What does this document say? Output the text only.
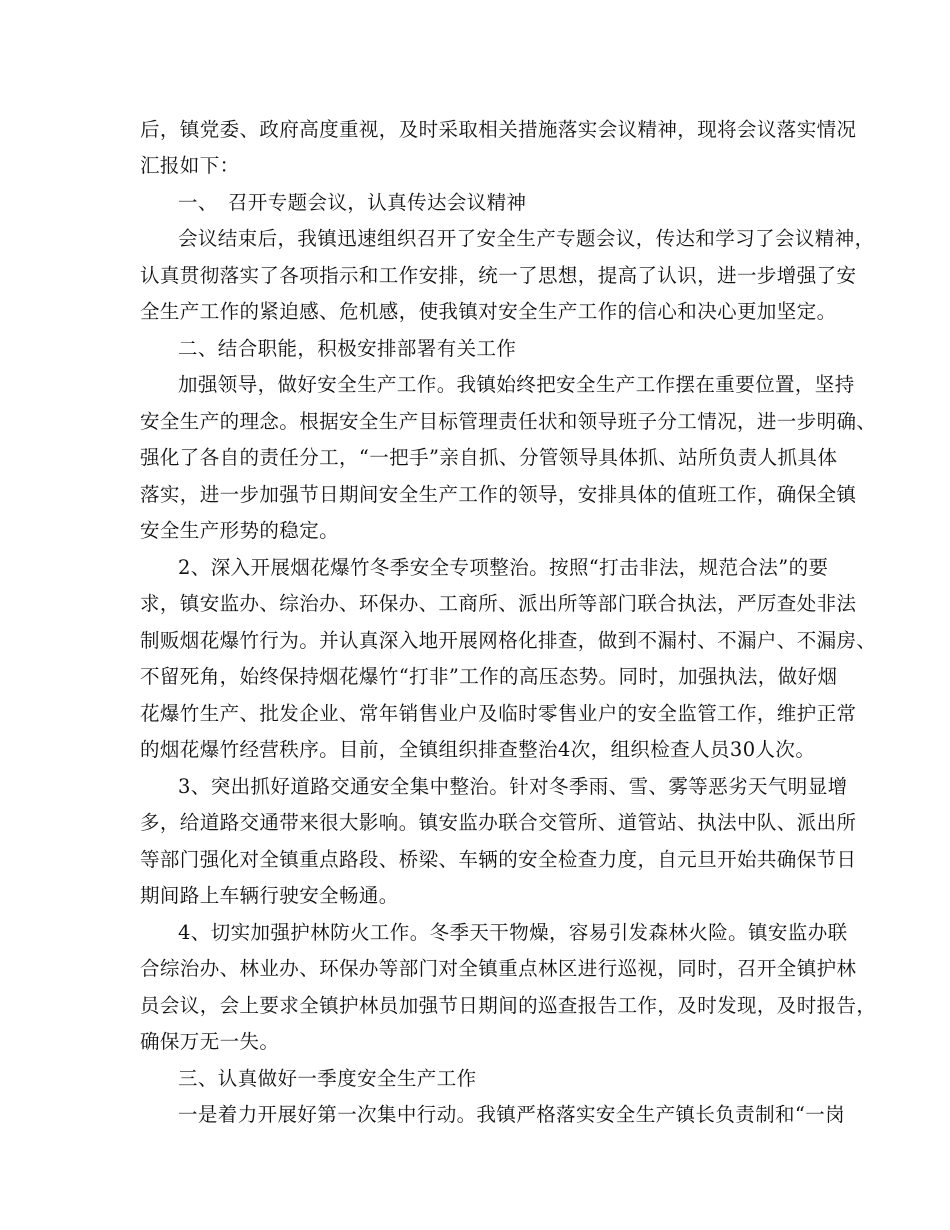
后，镇党委、政府高度重视，及时采取相关措施落实会议精神，现将会议落实情况
汇报如下：
一、　召开专题会议，认真传达会议精神
会议结束后，我镇迅速组织召开了安全生产专题会议，传达和学习了会议精神，
认真贯彻落实了各项指示和工作安排，统一了思想，提高了认识，进一步增强了安
全生产工作的紧迫感、危机感，使我镇对安全生产工作的信心和决心更加坚定。
二、结合职能，积极安排部署有关工作
加强领导，做好安全生产工作。我镇始终把安全生产工作摆在重要位置，坚持
安全生产的理念。根据安全生产目标管理责任状和领导班子分工情况，进一步明确、
强化了各自的责任分工，“一把手”亲自抓、分管领导具体抓、站所负责人抓具体
落实，进一步加强节日期间安全生产工作的领导，安排具体的值班工作，确保全镇
安全生产形势的稳定。
2、深入开展烟花爆竹冬季安全专项整治。按照“打击非法，规范合法”的要
求，镇安监办、综治办、环保办、工商所、派出所等部门联合执法，严厉查处非法
制贩烟花爆竹行为。并认真深入地开展网格化排查，做到不漏村、不漏户、不漏房、
不留死角，始终保持烟花爆竹“打非”工作的高压态势。同时，加强执法，做好烟
花爆竹生产、批发企业、常年销售业户及临时零售业户的安全监管工作，维护正常
的烟花爆竹经营秩序。目前，全镇组织排查整治4次，组织检查人员30人次。
3、突出抓好道路交通安全集中整治。针对冬季雨、雪、雾等恶劣天气明显增
多，给道路交通带来很大影响。镇安监办联合交管所、道管站、执法中队、派出所
等部门强化对全镇重点路段、桥梁、车辆的安全检查力度，自元旦开始共确保节日
期间路上车辆行驶安全畅通。
4、切实加强护林防火工作。冬季天干物燥，容易引发森林火险。镇安监办联
合综治办、林业办、环保办等部门对全镇重点林区进行巡视，同时，召开全镇护林
员会议，会上要求全镇护林员加强节日期间的巡查报告工作，及时发现，及时报告，
确保万无一失。
三、认真做好一季度安全生产工作
一是着力开展好第一次集中行动。我镇严格落实安全生产镇长负责制和“一岗
